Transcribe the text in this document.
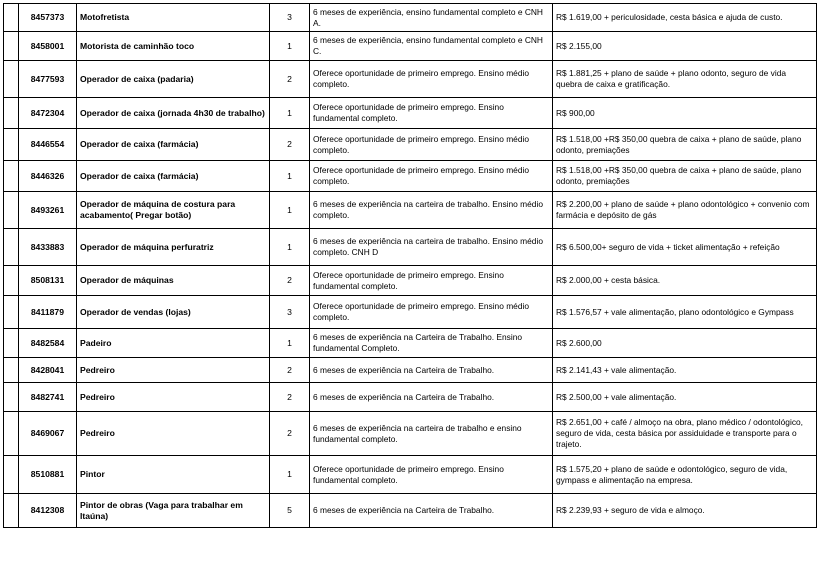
	8457373	Motofretista	3	6 meses de experiência, ensino fundamental completo e CNH A.	R$ 1.619,00 + periculosidade, cesta básica e ajuda de custo.
	8458001	Motorista de caminhão toco	1	6 meses de experiência, ensino fundamental completo e CNH C.	R$ 2.155,00
	8477593	Operador de caixa (padaria)	2	Oferece oportunidade de primeiro emprego. Ensino médio completo.	R$ 1.881,25 + plano de saúde + plano odonto, seguro de vida quebra de caixa e gratificação.
	8472304	Operador de caixa (jornada 4h30 de trabalho)	1	Oferece oportunidade de primeiro emprego. Ensino fundamental completo.	R$ 900,00
	8446554	Operador de caixa (farmácia)	2	Oferece oportunidade de primeiro emprego. Ensino médio completo.	R$ 1.518,00 +R$ 350,00 quebra de caixa + plano de saúde, plano odonto, premiações
	8446326	Operador de caixa (farmácia)	1	Oferece oportunidade de primeiro emprego. Ensino médio completo.	R$ 1.518,00 +R$ 350,00 quebra de caixa + plano de saúde, plano odonto, premiações
	8493261	Operador de máquina de costura para acabamento( Pregar botão)	1	6 meses de experiência na carteira de trabalho. Ensino médio completo.	R$ 2.200,00 + plano de saúde + plano odontológico + convenio com farmácia e depósito de gás
	8433883	Operador de máquina perfuratriz	1	6 meses de experiência na carteira de trabalho. Ensino médio completo. CNH D	R$ 6.500,00+ seguro de vida + ticket alimentação + refeição
	8508131	Operador de máquinas	2	Oferece oportunidade de primeiro emprego. Ensino fundamental completo.	R$ 2.000,00 + cesta básica.
	8411879	Operador de vendas (lojas)	3	Oferece oportunidade de primeiro emprego. Ensino médio completo.	R$ 1.576,57 + vale alimentação, plano odontológico e Gympass
	8482584	Padeiro	1	6 meses de experiência na Carteira de Trabalho. Ensino fundamental Completo.	R$ 2.600,00
	8428041	Pedreiro	2	6 meses de experiência na Carteira de Trabalho.	R$ 2.141,43 + vale alimentação.
	8482741	Pedreiro	2	6 meses de experiência na Carteira de Trabalho.	R$ 2.500,00 + vale alimentação.
	8469067	Pedreiro	2	6 meses de experiência na carteira de trabalho e ensino fundamental completo.	R$ 2.651,00 + café / almoço na obra, plano médico / odontológico, seguro de vida, cesta básica por assiduidade e transporte para o trajeto.
	8510881	Pintor	1	Oferece oportunidade de primeiro emprego. Ensino fundamental completo.	R$ 1.575,20 + plano de saúde e odontológico, seguro de vida, gympass e alimentação na empresa.
	8412308	Pintor de obras (Vaga para trabalhar em Itaúna)	5	6 meses de experiência na Carteira de Trabalho.	R$ 2.239,93 + seguro de vida e almoço.
